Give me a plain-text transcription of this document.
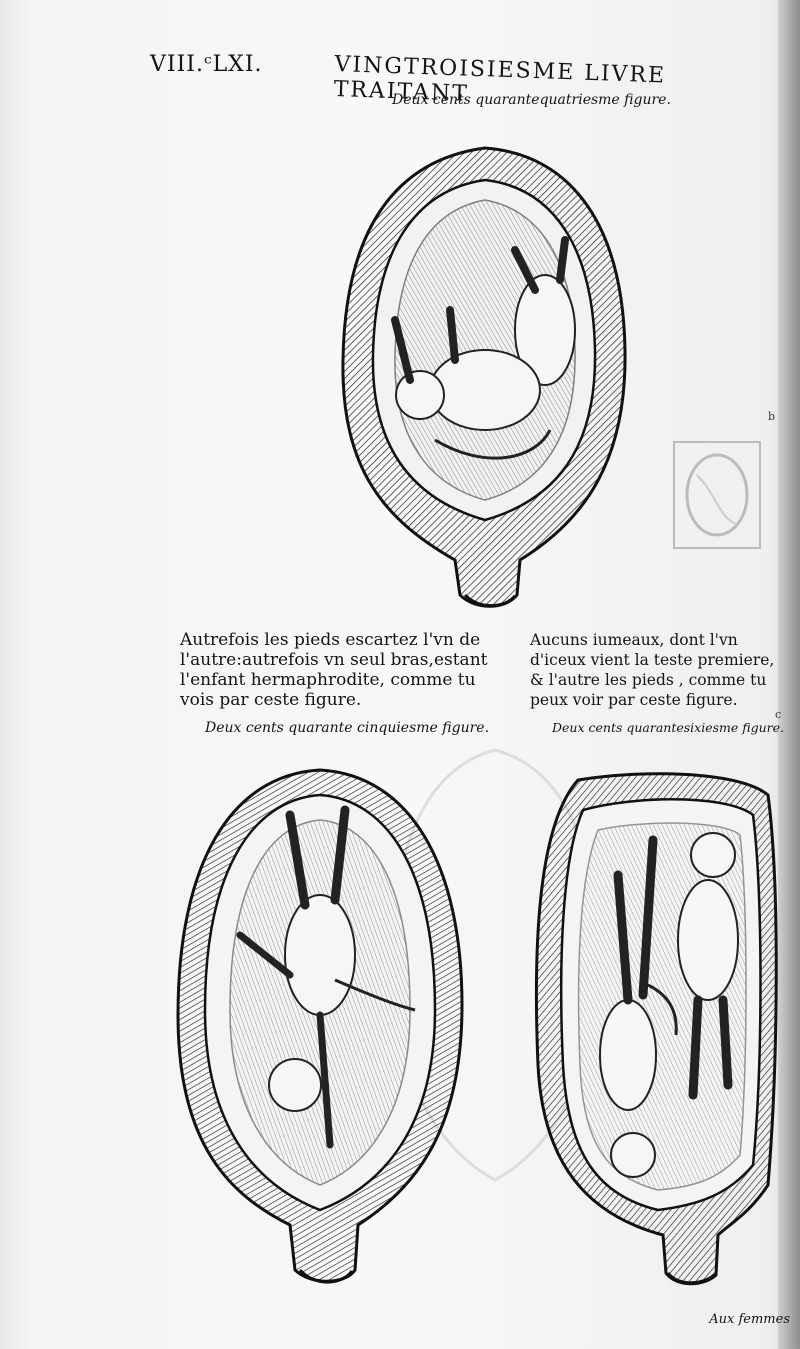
VIII.ᶜLXI.	VINGTROISIESME LIVRE TRAITANT
Deux cents quarantequatriesme figure.
b
c
Autrefois les pieds escartez l'vn de l'autre:autrefois vn seul bras,estant l'enfant hermaphrodite, comme tu vois par ceste figure.
Aucuns iumeaux, dont l'vn d'iceux vient la teste premiere, & l'autre les pieds , comme tu peux voir par ceste figure.
Deux cents quarante cinquiesme figure.	Deux cents quarantesixiesme figure.
Aux femmes
